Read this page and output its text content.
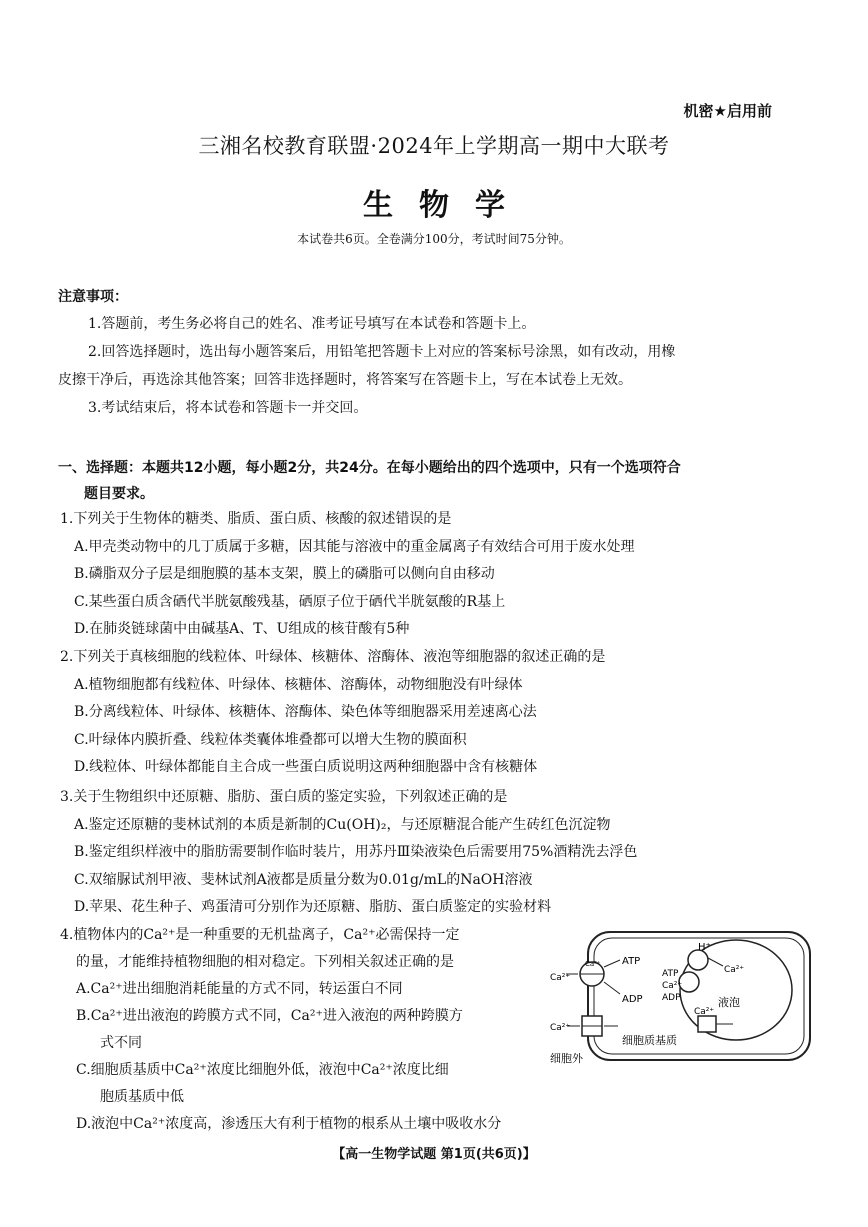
机密★启用前
三湘名校教育联盟·2024年上学期高一期中大联考
生物学
本试卷共6页。全卷满分100分，考试时间75分钟。
注意事项：
1.答题前，考生务必将自己的姓名、准考证号填写在本试卷和答题卡上。
2.回答选择题时，选出每小题答案后，用铅笔把答题卡上对应的答案标号涂黑，如有改动，用橡
皮擦干净后，再选涂其他答案；回答非选择题时，将答案写在答题卡上，写在本试卷上无效。
3.考试结束后，将本试卷和答题卡一并交回。
一、选择题：本题共12小题，每小题2分，共24分。在每小题给出的四个选项中，只有一个选项符合
题目要求。
1.下列关于生物体的糖类、脂质、蛋白质、核酸的叙述错误的是
A.甲壳类动物中的几丁质属于多糖，因其能与溶液中的重金属离子有效结合可用于废水处理
B.磷脂双分子层是细胞膜的基本支架，膜上的磷脂可以侧向自由移动
C.某些蛋白质含硒代半胱氨酸残基，硒原子位于硒代半胱氨酸的R基上
D.在肺炎链球菌中由碱基A、T、U组成的核苷酸有5种
2.下列关于真核细胞的线粒体、叶绿体、核糖体、溶酶体、液泡等细胞器的叙述正确的是
A.植物细胞都有线粒体、叶绿体、核糖体、溶酶体，动物细胞没有叶绿体
B.分离线粒体、叶绿体、核糖体、溶酶体、染色体等细胞器采用差速离心法
C.叶绿体内膜折叠、线粒体类囊体堆叠都可以增大生物的膜面积
D.线粒体、叶绿体都能自主合成一些蛋白质说明这两种细胞器中含有核糖体
3.关于生物组织中还原糖、脂肪、蛋白质的鉴定实验，下列叙述正确的是
A.鉴定还原糖的斐林试剂的本质是新制的Cu(OH)₂，与还原糖混合能产生砖红色沉淀物
B.鉴定组织样液中的脂肪需要制作临时装片，用苏丹Ⅲ染液染色后需要用75%酒精洗去浮色
C.双缩脲试剂甲液、斐林试剂A液都是质量分数为0.01g/mL的NaOH溶液
D.苹果、花生种子、鸡蛋清可分别作为还原糖、脂肪、蛋白质鉴定的实验材料
4.植物体内的Ca²⁺是一种重要的无机盐离子，Ca²⁺必需保持一定
的量，才能维持植物细胞的相对稳定。下列相关叙述正确的是
A.Ca²⁺进出细胞消耗能量的方式不同，转运蛋白不同
B.Ca²⁺进出液泡的跨膜方式不同，Ca²⁺进入液泡的两种跨膜方
式不同
C.细胞质基质中Ca²⁺浓度比细胞外低，液泡中Ca²⁺浓度比细
胞质基质中低
D.液泡中Ca²⁺浓度高，渗透压大有利于植物的根系从土壤中吸收水分
Ca²⁺
Ca²⁺ ATP
ADP
Ca²⁺
H⁺
Ca²⁺
ATP
Ca²⁺
ADP	液泡
Ca²⁺
细胞质基质
细胞外
【高一生物学试题 第1页(共6页)】
